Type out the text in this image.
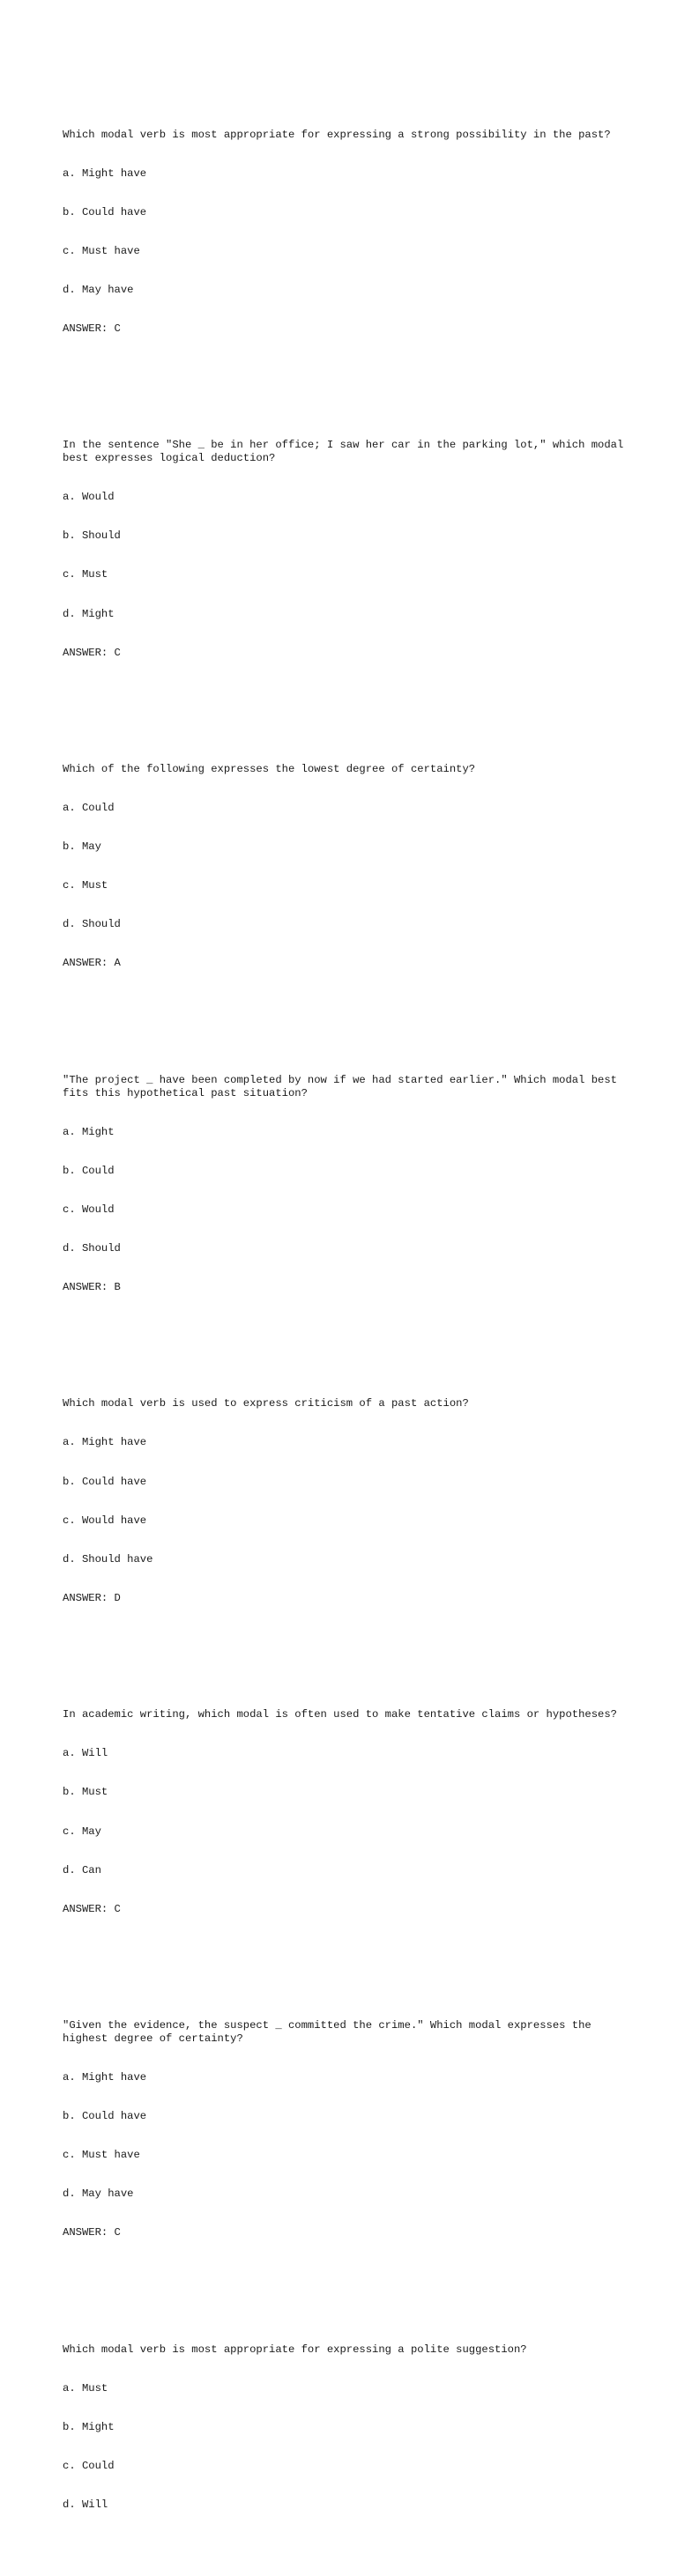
Which modal verb is most appropriate for expressing a strong possibility in the past?

a. Might have

b. Could have

c. Must have

d. May have

ANSWER: C

In the sentence "She _ be in her office; I saw her car in the parking lot," which modal best expresses logical deduction?

a. Would

b. Should

c. Must

d. Might

ANSWER: C

Which of the following expresses the lowest degree of certainty?

a. Could

b. May

c. Must

d. Should

ANSWER: A

"The project _ have been completed by now if we had started earlier." Which modal best fits this hypothetical past situation?

a. Might

b. Could

c. Would

d. Should

ANSWER: B

Which modal verb is used to express criticism of a past action?

a. Might have

b. Could have

c. Would have

d. Should have

ANSWER: D

In academic writing, which modal is often used to make tentative claims or hypotheses?

a. Will

b. Must

c. May

d. Can

ANSWER: C

"Given the evidence, the suspect _ committed the crime." Which modal expresses the highest degree of certainty?

a. Might have

b. Could have

c. Must have

d. May have

ANSWER: C

Which modal verb is most appropriate for expressing a polite suggestion?

a. Must

b. Might

c. Could

d. Will
